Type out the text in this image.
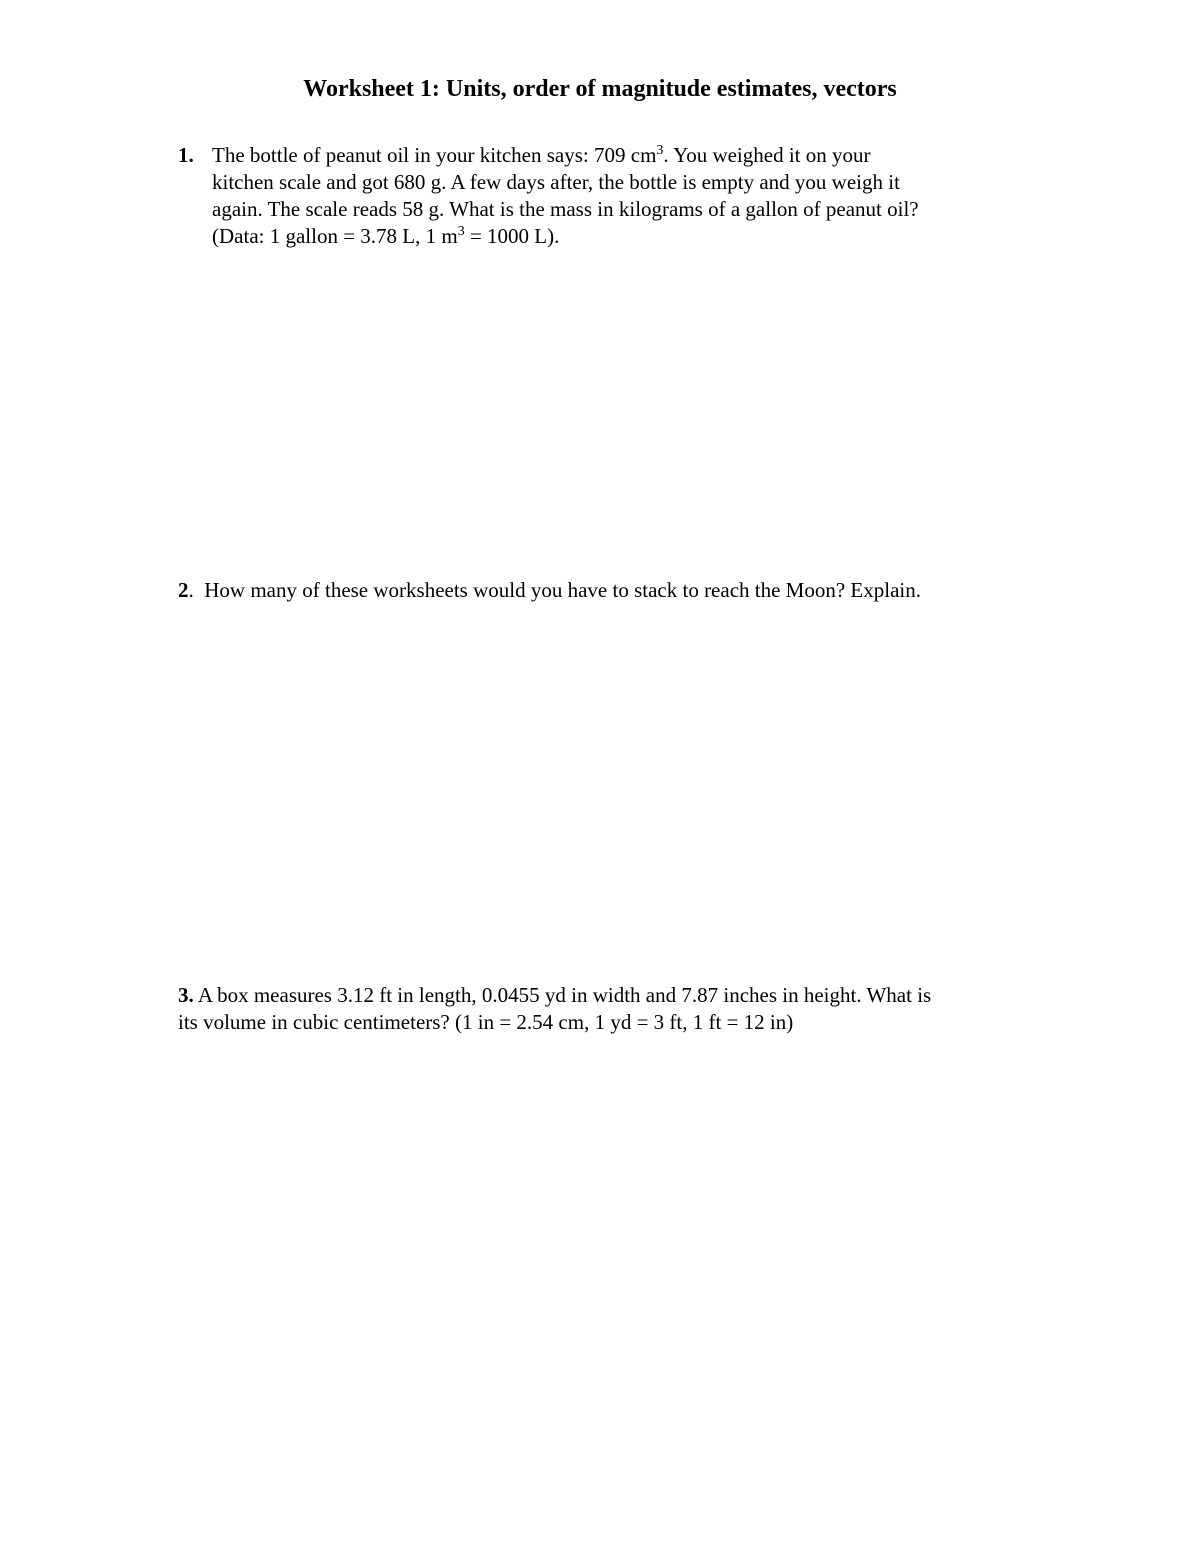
Worksheet 1: Units, order of magnitude estimates, vectors
1. The bottle of peanut oil in your kitchen says: 709 $cm^3$. You weighed it on your
kitchen scale and got 680 g. A few days after, the bottle is empty and you weigh it
again. The scale reads 58 g. What is the mass in kilograms of a gallon of peanut oil?
(Data: 1 gallon = 3.78 L, 1 $m^3 = 1000$ L).
2.  How many of these worksheets would you have to stack to reach the Moon? Explain.
3. A box measures 3.12 ft in length, 0.0455 yd in width and 7.87 inches in height. What is
its volume in cubic centimeters? (1 in = 2.54 cm, 1 yd = 3 ft, 1 ft = 12 in)
